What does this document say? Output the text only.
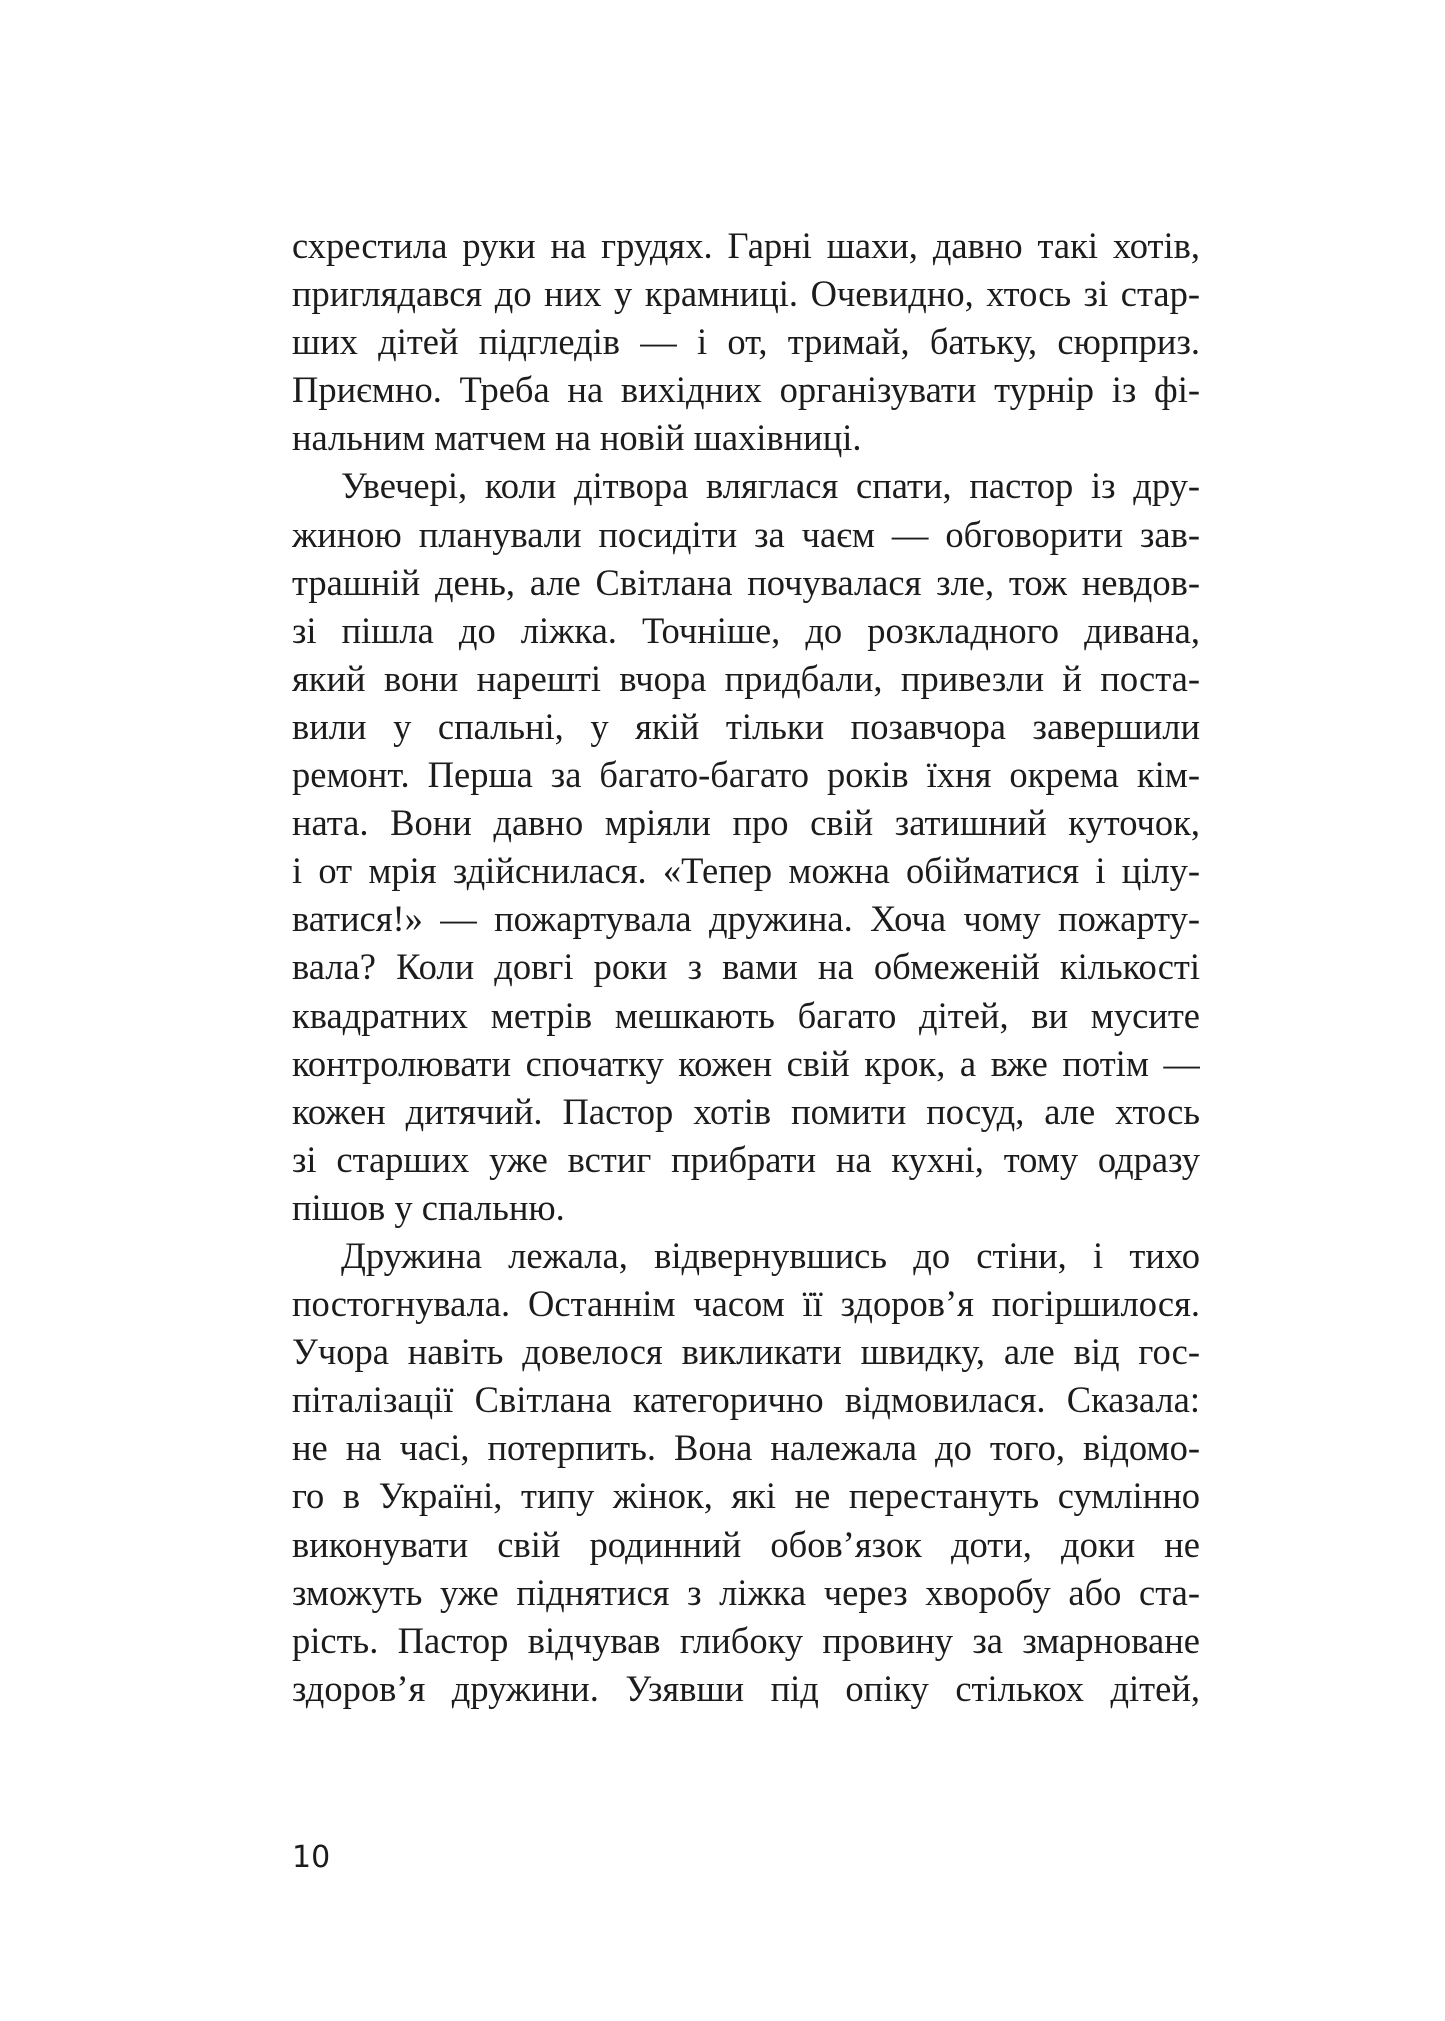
схрестила руки на грудях. Гарні шахи, давно такі хотів,
приглядався до них у крамниці. Очевидно, хтось зі стар-
ших дітей підгледів — і от, тримай, батьку, сюрприз.
Приємно. Треба на вихідних організувати турнір із фі-
нальним матчем на новій шахівниці.
Увечері, коли дітвора вляглася спати, пастор із дру-
жиною планували посидіти за чаєм — обговорити зав-
трашній день, але Світлана почувалася зле, тож невдов-
зі пішла до ліжка. Точніше, до розкладного дивана,
який вони нарешті вчора придбали, привезли й поста-
вили у спальні, у якій тільки позавчора завершили
ремонт. Перша за багато-багато років їхня окрема кім-
ната. Вони давно мріяли про свій затишний куточок,
і от мрія здійснилася. «Тепер можна обійматися і цілу-
ватися!» — пожартувала дружина. Хоча чому пожарту-
вала? Коли довгі роки з вами на обмеженій кількості
квадратних метрів мешкають багато дітей, ви мусите
контролювати спочатку кожен свій крок, а вже потім —
кожен дитячий. Пастор хотів помити посуд, але хтось
зі старших уже встиг прибрати на кухні, тому одразу
пішов у спальню.
Дружина лежала, відвернувшись до стіни, і тихо
постогнувала. Останнім часом її здоров’я погіршилося.
Учора навіть довелося викликати швидку, але від гос-
піталізації Світлана категорично відмовилася. Сказала:
не на часі, потерпить. Вона належала до того, відомо-
го в Україні, типу жінок, які не перестануть сумлінно
виконувати свій родинний обов’язок доти, доки не
зможуть уже піднятися з ліжка через хворобу або ста-
рість. Пастор відчував глибоку провину за змарноване
здоров’я дружини. Узявши під опіку стількох дітей,
10
